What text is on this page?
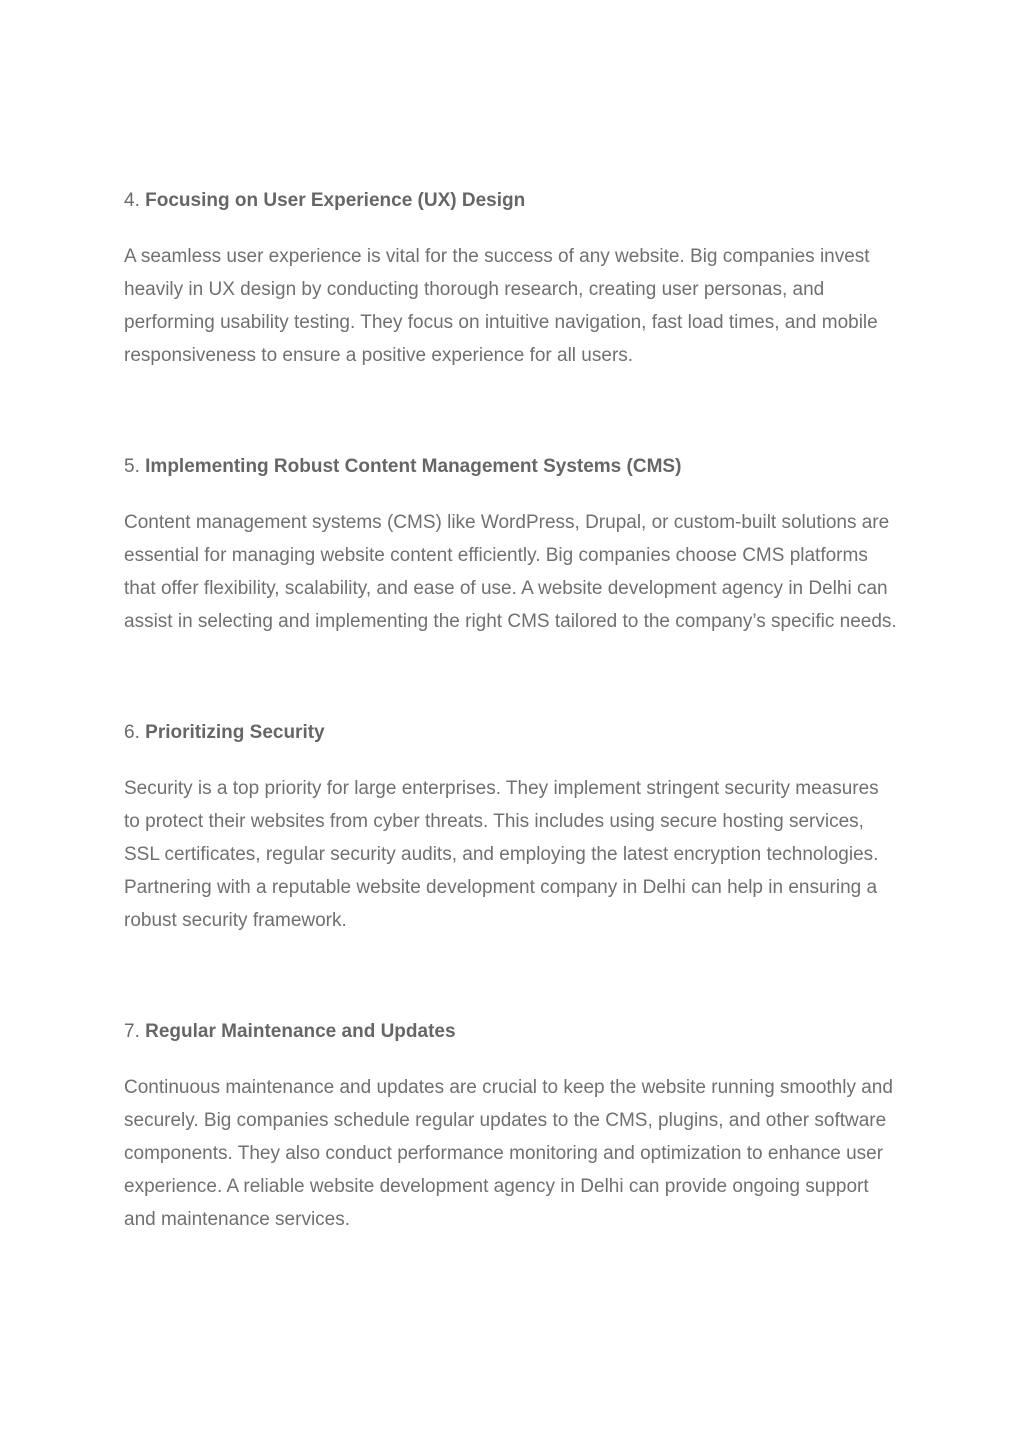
4. Focusing on User Experience (UX) Design

A seamless user experience is vital for the success of any website. Big companies invest heavily in UX design by conducting thorough research, creating user personas, and performing usability testing. They focus on intuitive navigation, fast load times, and mobile responsiveness to ensure a positive experience for all users.

5. Implementing Robust Content Management Systems (CMS)

Content management systems (CMS) like WordPress, Drupal, or custom-built solutions are essential for managing website content efficiently. Big companies choose CMS platforms that offer flexibility, scalability, and ease of use. A website development agency in Delhi can assist in selecting and implementing the right CMS tailored to the company’s specific needs.

6. Prioritizing Security

Security is a top priority for large enterprises. They implement stringent security measures to protect their websites from cyber threats. This includes using secure hosting services, SSL certificates, regular security audits, and employing the latest encryption technologies. Partnering with a reputable website development company in Delhi can help in ensuring a robust security framework.

7. Regular Maintenance and Updates

Continuous maintenance and updates are crucial to keep the website running smoothly and securely. Big companies schedule regular updates to the CMS, plugins, and other software components. They also conduct performance monitoring and optimization to enhance user experience. A reliable website development agency in Delhi can provide ongoing support and maintenance services.
